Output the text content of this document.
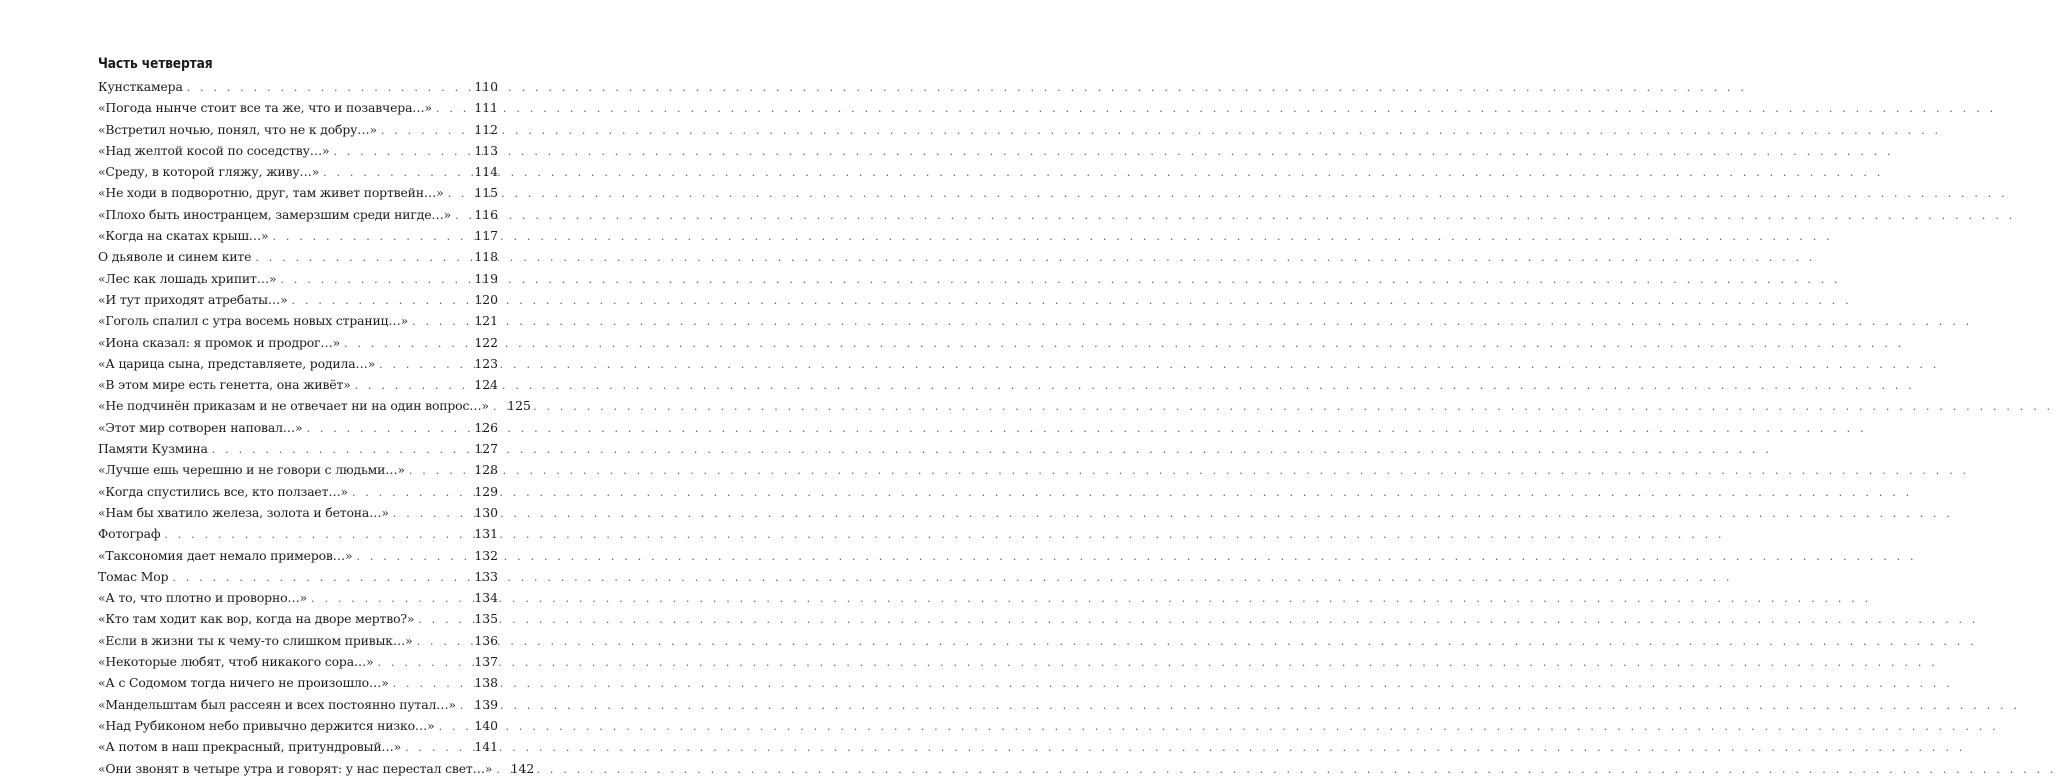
Часть четвертая
Кунсткамера . . .	110
«Погода нынче стоит все та же, что и позавчера…» . . .	111
«Встретил ночью, понял, что не к добру…» . . .	112
«Над желтой косой по соседству…» . . .	113
«Среду, в которой гляжу, живу…» . . .	114
«Не ходи в подворотню, друг, там живет портвейн…» . . . 115
«Плохо быть иностранцем, замерзшим среди нигде…» . . . 116
«Когда на скатах крыш…» . . .	117
О дьяволе и синем ките . . .	118
«Лес как лошадь хрипит…» . . .	119
«И тут приходят атребаты…» . . .	120
«Гоголь спалил с утра восемь новых страниц…» . . .	121
«Иона сказал: я промок и продрог…» . . .	122
«А царица сына, представляете, родила…» . . .	123
«В этом мире есть генетта, она живёт» . . .	124
«Не подчинён приказам и не отвечает ни на один вопрос…» . . . 125
«Этот мир сотворен наповал…» . . .	126
Памяти Кузмина . . .	127
«Лучше ешь черешню и не говори с людьми…» . . .	128
«Когда спустились все, кто ползает…» . . .	129
«Нам бы хватило железа, золота и бетона…» . . .	130
Фотограф . . .	131
«Таксономия дает немало примеров…» . . .	132
Томас Мор . . .	133
«А то, что плотно и проворно…» . . .	134
«Кто там ходит как вор, когда на дворе мертво?» . . .	135
«Если в жизни ты к чему-то слишком привык…» . . .	136
«Некоторые любят, чтоб никакого сора…» . . .	137
«А с Содомом тогда ничего не произошло…» . . .	138
«Мандельштам был рассеян и всех постоянно путал…» . . . 139
«Над Рубиконом небо привычно держится низко…» . . .	140
«А потом в наш прекрасный, притундровый…» . . .	141
«Они звонят в четыре утра и говорят: у нас перестал свет…» . . . 142
